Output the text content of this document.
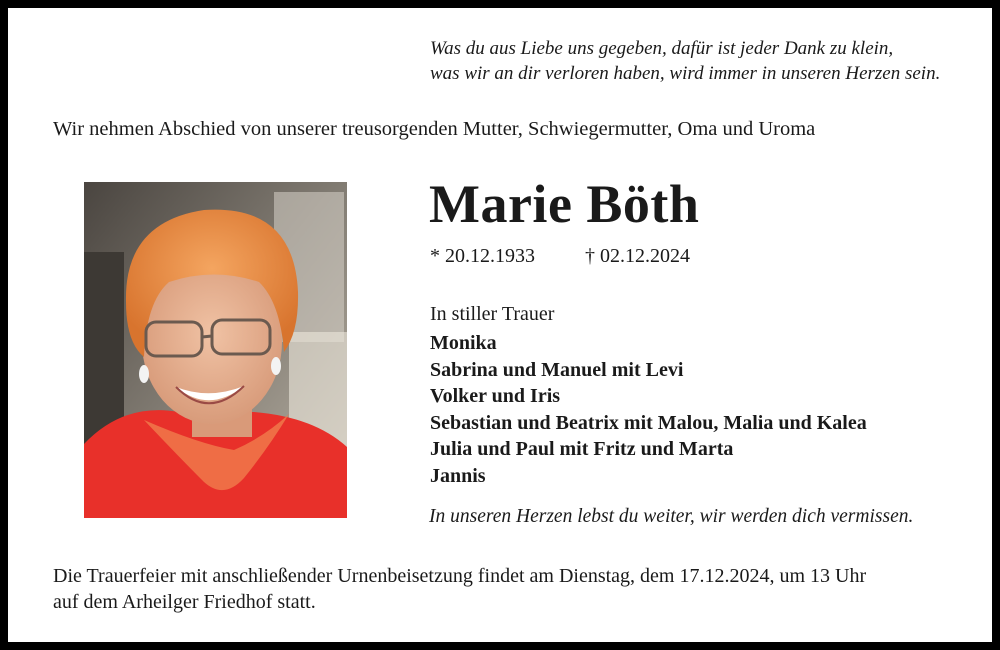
Was du aus Liebe uns gegeben, dafür ist jeder Dank zu klein,
was wir an dir verloren haben, wird immer in unseren Herzen sein.
Wir nehmen Abschied von unserer treusorgenden Mutter, Schwiegermutter, Oma und Uroma
Marie Böth
* 20.12.1933	† 02.12.2024
In stiller Trauer
Monika
Sabrina und Manuel mit Levi
Volker und Iris
Sebastian und Beatrix mit Malou, Malia und Kalea
Julia und Paul mit Fritz und Marta
Jannis
In unseren Herzen lebst du weiter, wir werden dich vermissen.
Die Trauerfeier mit anschließender Urnenbeisetzung findet am Dienstag, dem 17.12.2024, um 13 Uhr
auf dem Arheilger Friedhof statt.
